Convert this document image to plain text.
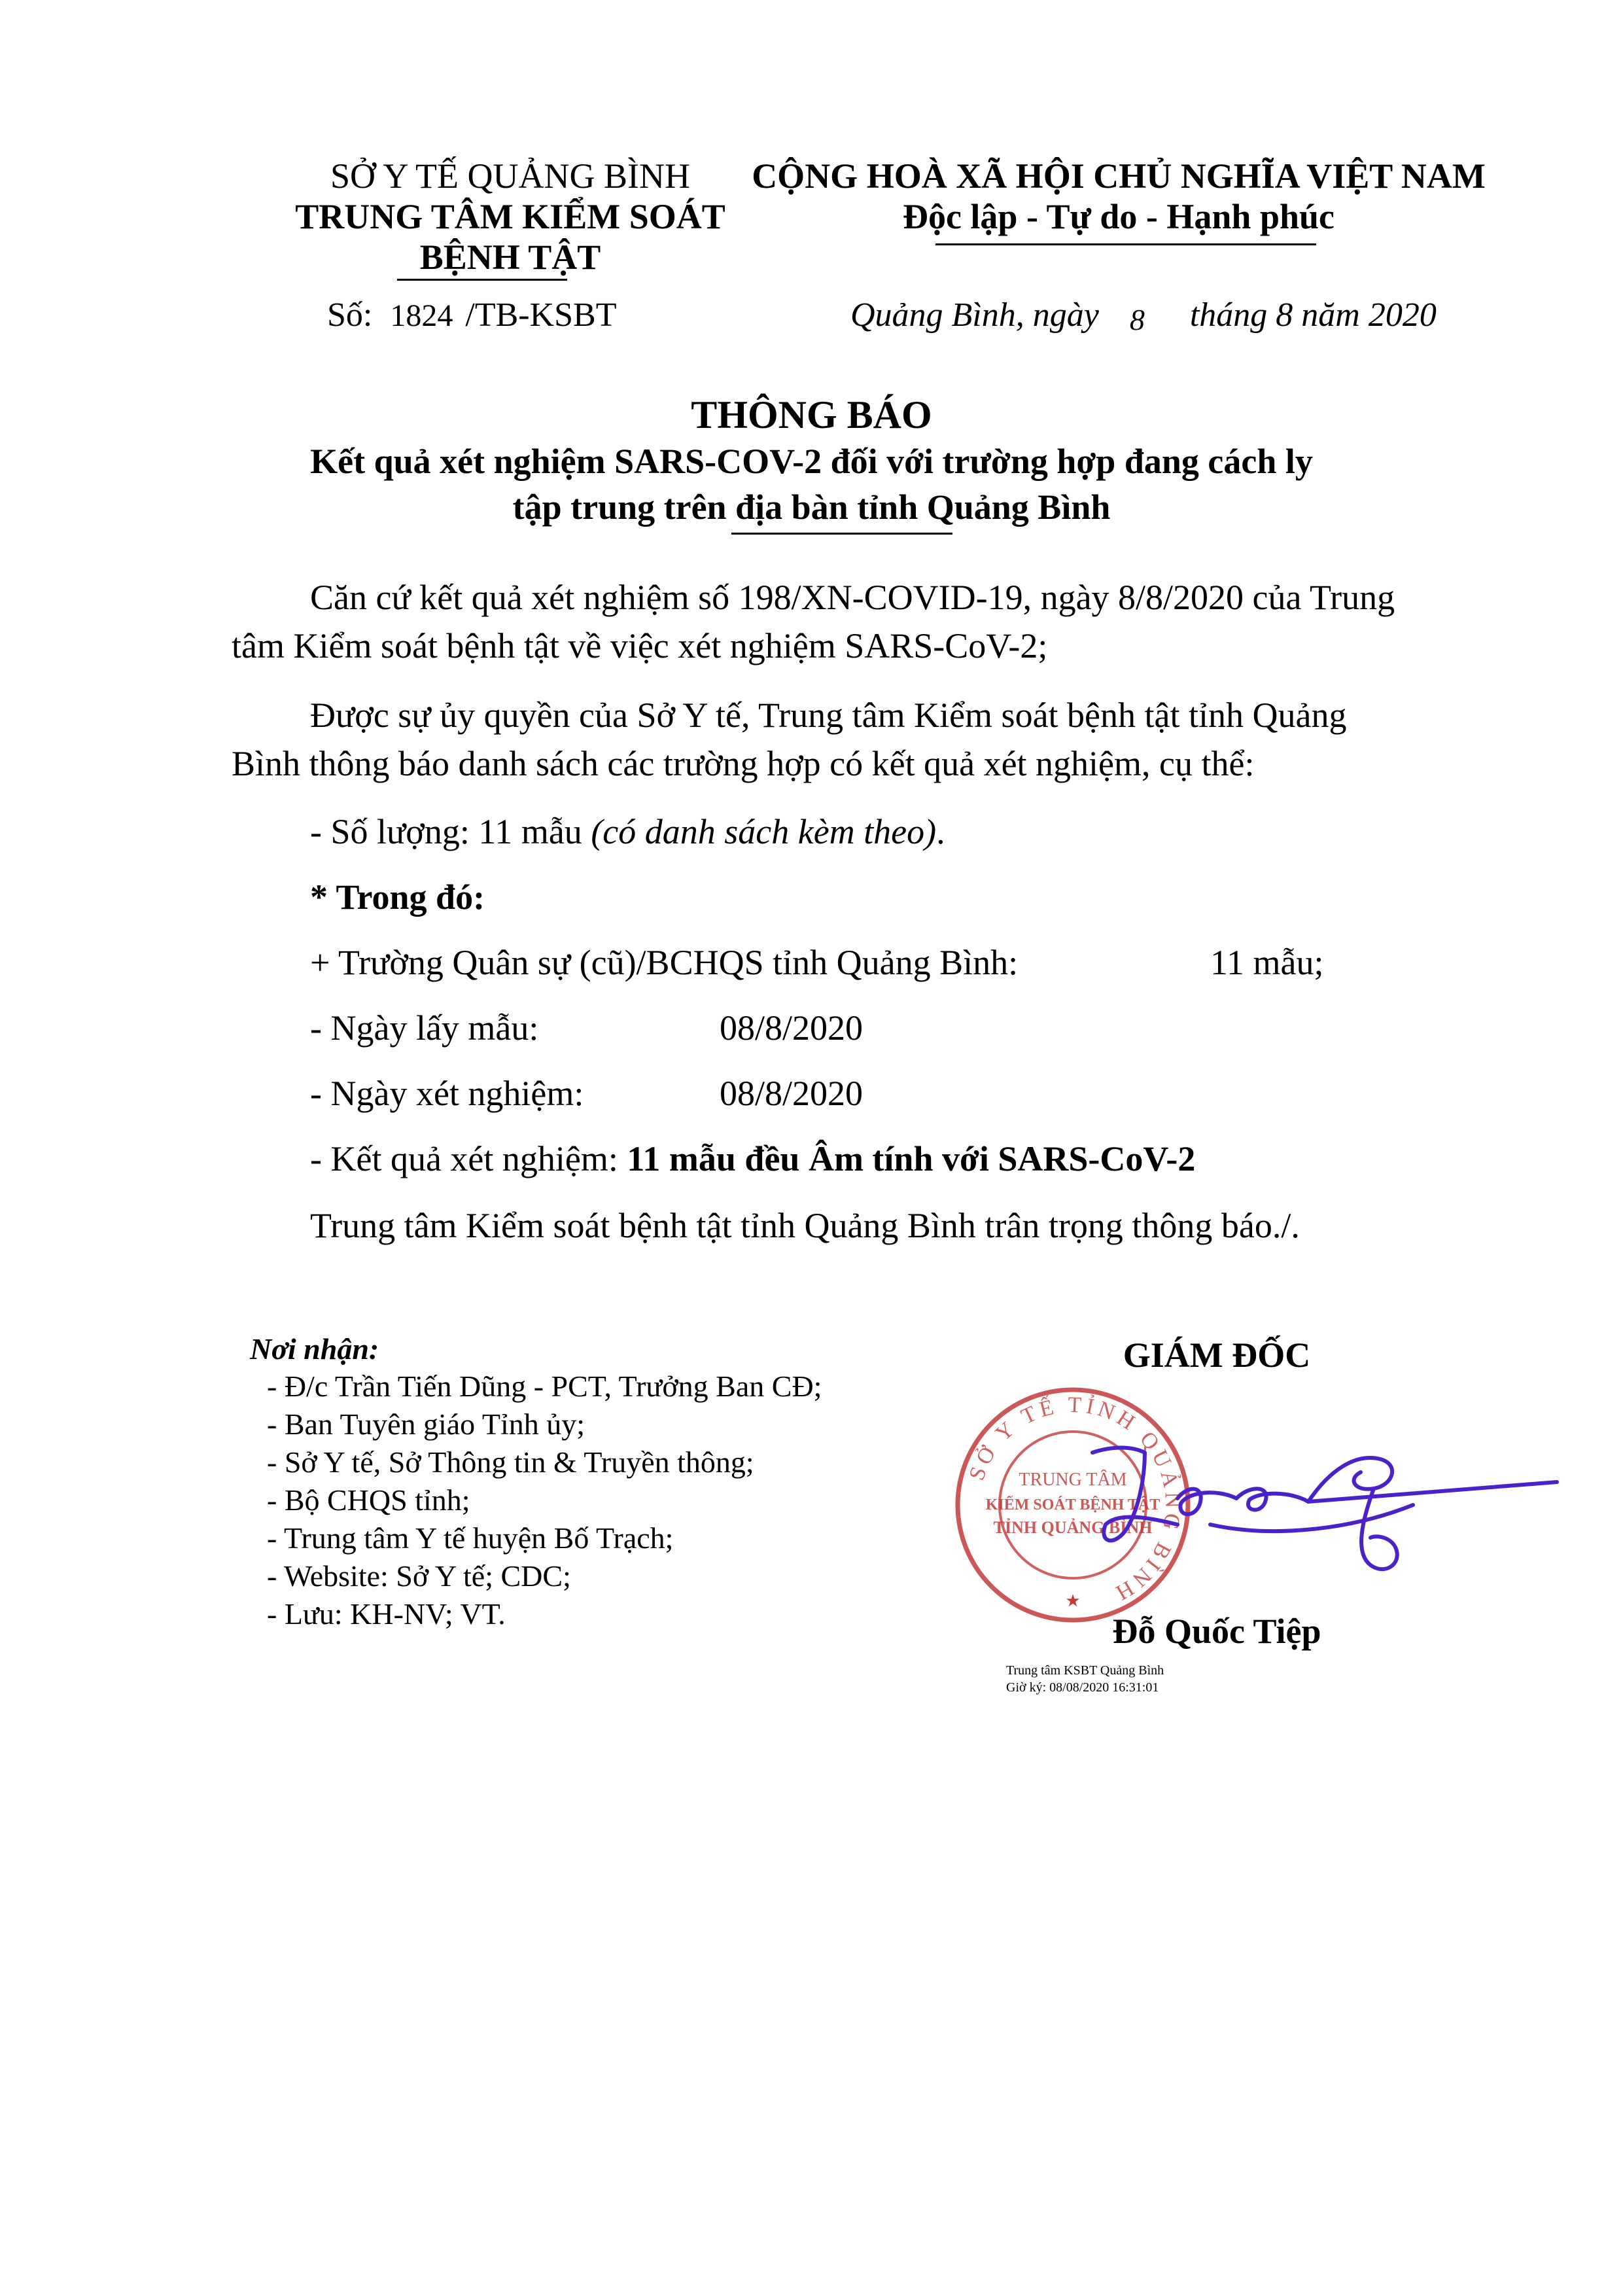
SỞ Y TẾ QUẢNG BÌNH
TRUNG TÂM KIỂM SOÁT
BỆNH TẬT
Số: 1824 /TB-KSBT
CỘNG HOÀ XÃ HỘI CHỦ NGHĨA VIỆT NAM
Độc lập - Tự do - Hạnh phúc
Quảng Bình, ngày 8 tháng 8 năm 2020
THÔNG BÁO
Kết quả xét nghiệm SARS-COV-2 đối với trường hợp đang cách ly
tập trung trên địa bàn tỉnh Quảng Bình
Căn cứ kết quả xét nghiệm số 198/XN-COVID-19, ngày 8/8/2020 của Trung
tâm Kiểm soát bệnh tật về việc xét nghiệm SARS-CoV-2;
Được sự ủy quyền của Sở Y tế, Trung tâm Kiểm soát bệnh tật tỉnh Quảng
Bình thông báo danh sách các trường hợp có kết quả xét nghiệm, cụ thể:
- Số lượng: 11 mẫu (có danh sách kèm theo).
* Trong đó:
+ Trường Quân sự (cũ)/BCHQS tỉnh Quảng Bình:	11 mẫu;
- Ngày lấy mẫu:	08/8/2020
- Ngày xét nghiệm:	08/8/2020
- Kết quả xét nghiệm: 11 mẫu đều Âm tính với SARS-CoV-2
Trung tâm Kiểm soát bệnh tật tỉnh Quảng Bình trân trọng thông báo./.
Nơi nhận:
- Đ/c Trần Tiến Dũng - PCT, Trưởng Ban CĐ;
- Ban Tuyên giáo Tỉnh ủy;
- Sở Y tế, Sở Thông tin & Truyền thông;
- Bộ CHQS tỉnh;
- Trung tâm Y tế huyện Bố Trạch;
- Website: Sở Y tế; CDC;
- Lưu: KH-NV; VT.
GIÁM ĐỐC
SỞ Y TẾ TỈNH QUẢNG BÌNH
TRUNG TÂM
KIỂM SOÁT BỆNH TẬT
TỈNH QUẢNG BÌNH
★
Đỗ Quốc Tiệp
Trung tâm KSBT Quảng Bình
Giờ ký: 08/08/2020 16:31:01
